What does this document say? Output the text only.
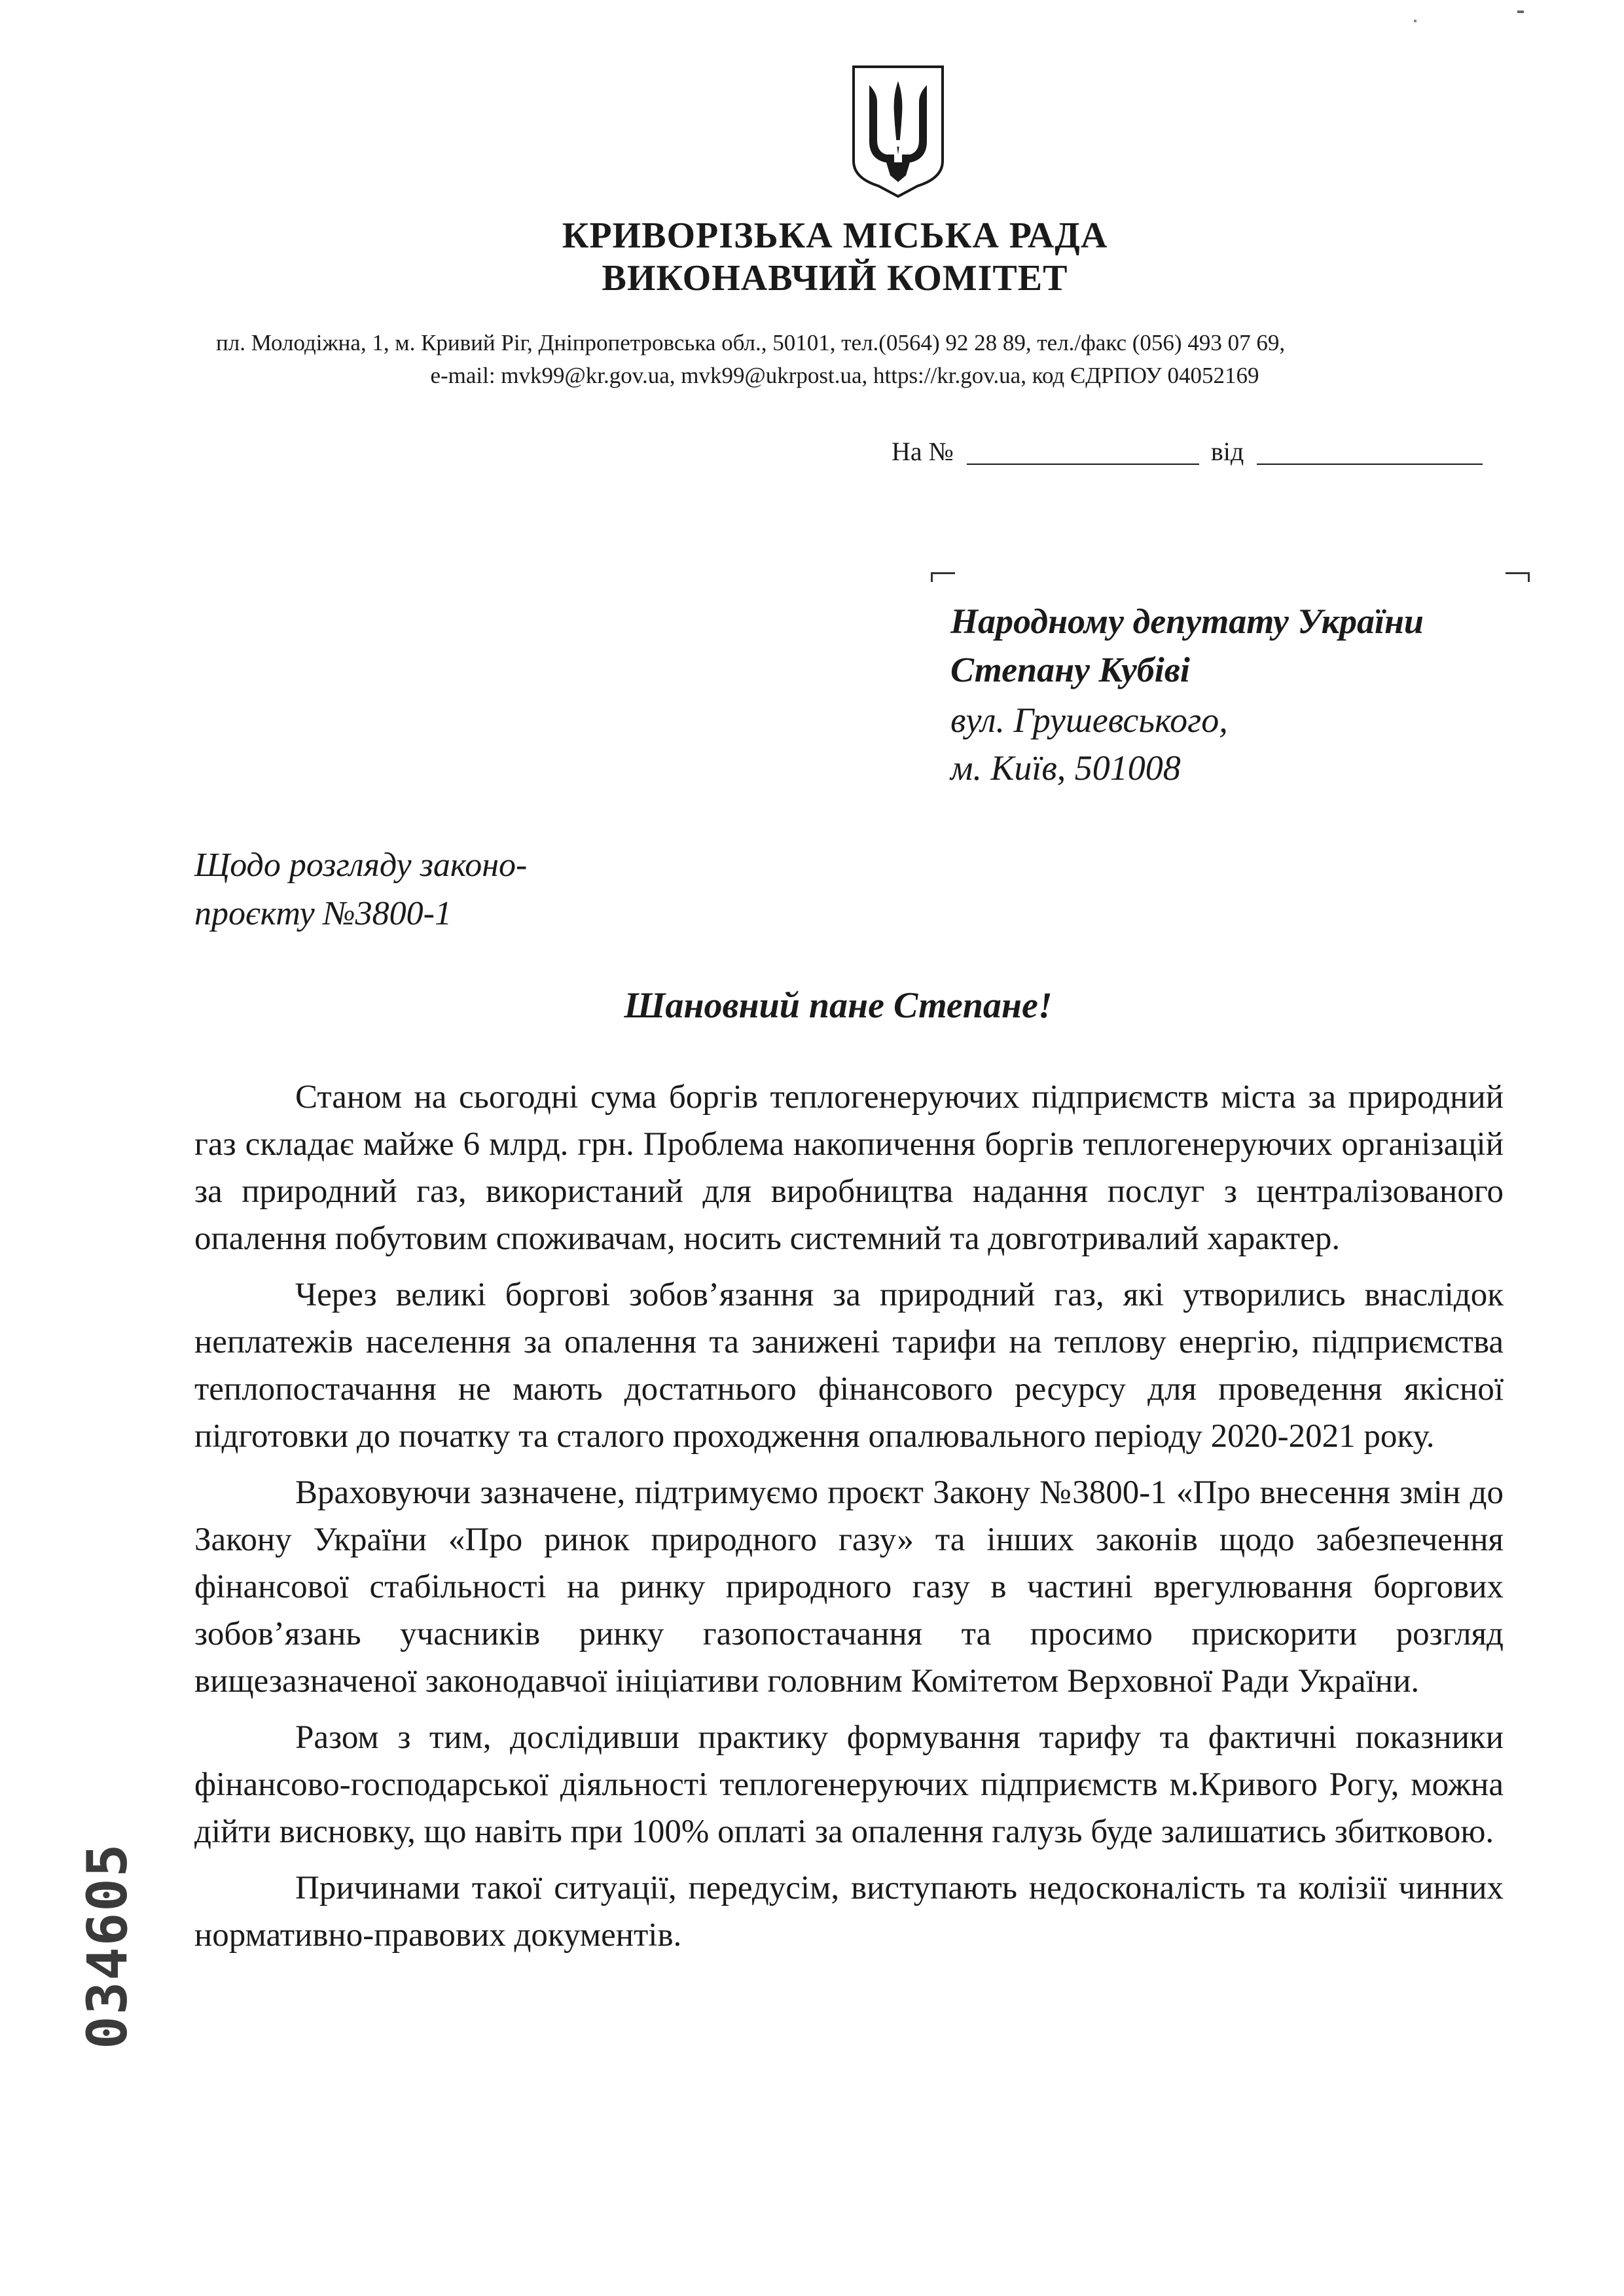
КРИВОРІЗЬКА МІСЬКА РАДА
ВИКОНАВЧИЙ КОМІТЕТ
пл. Молодіжна, 1, м. Кривий Ріг, Дніпропетровська обл., 50101, тел.(0564) 92 28 89, тел./факс (056) 493 07 69,
e-mail: mvk99@kr.gov.ua, mvk99@ukrpost.ua, https://kr.gov.ua, код ЄДРПОУ 04052169
На №	від
Народному депутату України
Степану Кубіві
вул. Грушевського,
м. Київ, 501008
Щодо розгляду законо-
проєкту №3800-1
Шановний пане Степане!

Станом на сьогодні сума боргів теплогенеруючих підприємств міста за природний газ складає майже 6 млрд. грн. Проблема накопичення боргів теплогенеруючих організацій за природний газ, використаний для виробництва надання послуг з централізованого опалення побутовим споживачам, носить системний та довготривалий характер.

Через великі боргові зобов’язання за природний газ, які утворились внаслідок неплатежів населення за опалення та занижені тарифи на теплову енергію, підприємства теплопостачання не мають достатнього фінансового ресурсу для проведення якісної підготовки до початку та сталого проходження опалювального періоду 2020-2021 року.

Враховуючи зазначене, підтримуємо проєкт Закону №3800-1 «Про внесення змін до Закону України «Про ринок природного газу» та інших законів щодо забезпечення фінансової стабільності на ринку природного газу в частині врегулювання боргових зобов’язань учасників ринку газопостачання та просимо прискорити розгляд вищезазначеної законодавчої ініціативи головним Комітетом Верховної Ради України.

Разом з тим, дослідивши практику формування тарифу та фактичні показники фінансово-господарської діяльності теплогенеруючих підприємств м.Кривого Рогу, можна дійти висновку, що навіть при 100% оплаті за опалення галузь буде залишатись збитковою.

Причинами такої ситуації, передусім, виступають недосконалість та колізії чинних нормативно-правових документів.

034605
